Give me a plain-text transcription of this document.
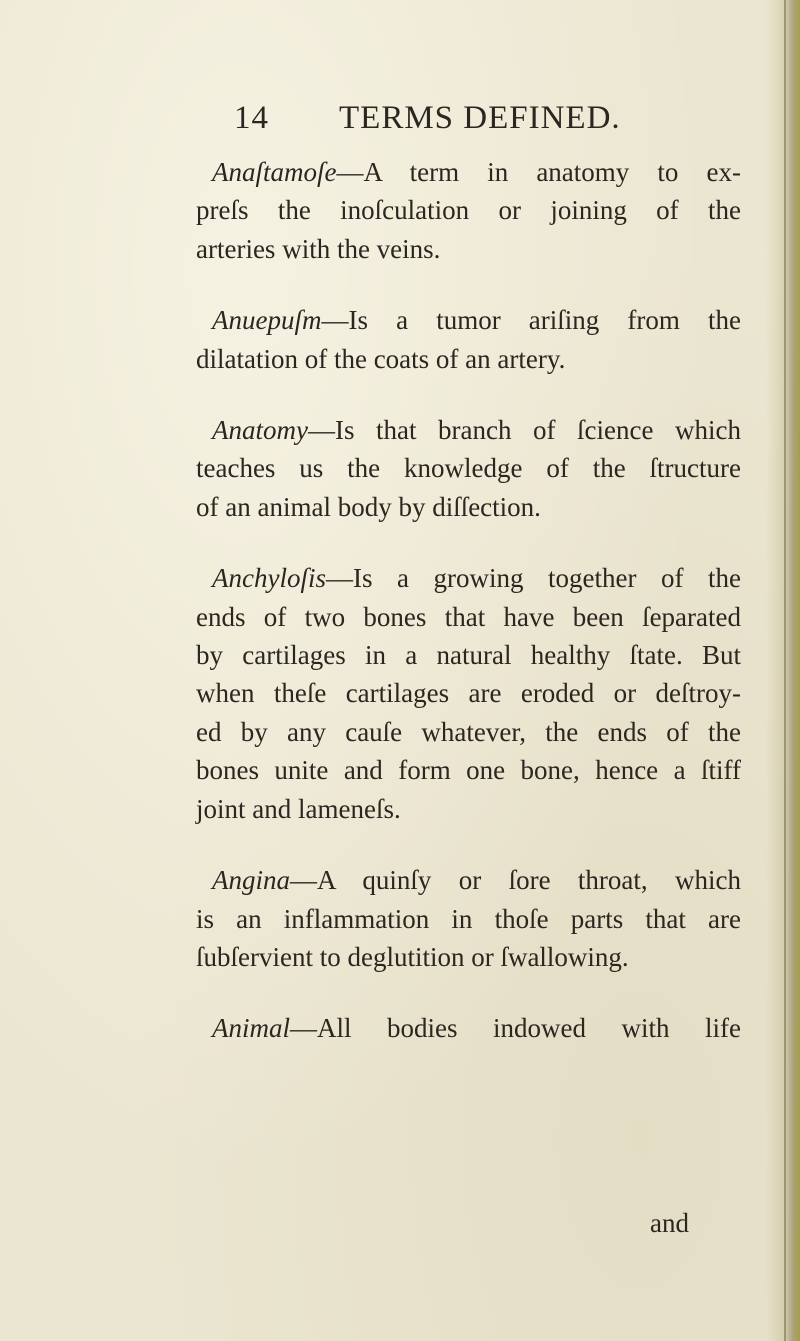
14 TERMS DEFINED.
Anaſtamoſe—A term in anatomy to ex-
preſs the inoſculation or joining of the
arteries with the veins.
Anuериſm—Is a tumor ariſing from the
dilatation of the coats of an artery.
Anatomy—Is that branch of ſcience which
teaches us the knowledge of the ſtructure
of an animal body by diſſection.
Anchyloſis—Is a growing together of the
ends of two bones that have been ſeparated
by cartilages in a natural healthy ſtate. But
when theſe cartilages are eroded or deſtroy-
ed by any cauſe whatever, the ends of the
bones unite and form one bone, hence a ſtiff
joint and lameneſs.
Angina—A quinſy or ſore throat, which
is an inflammation in thoſe parts that are
ſubſervient to deglutition or ſwallowing.
Animal—All bodies indowed with life
and
